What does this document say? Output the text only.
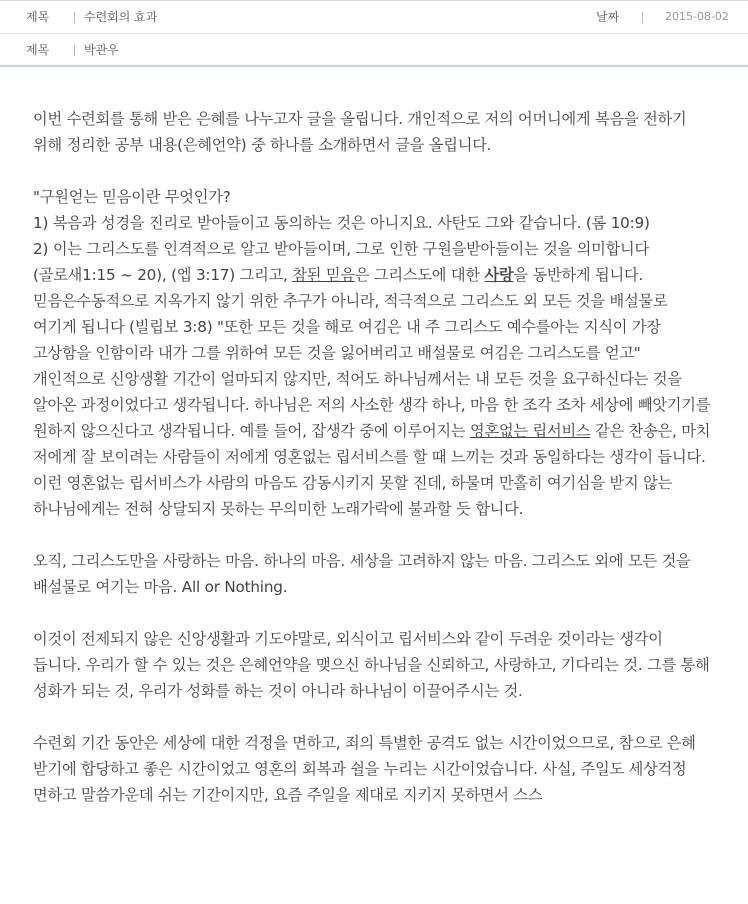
제목	수련회의 효과	날짜	2015-08-02
제목	박관우

이번 수련회를 통해 받은 은혜를 나누고자 글을 올립니다. 개인적으로 저의 어머니에게 복음을 전하기 위해 정리한 공부 내용(은혜언약) 중 하나를 소개하면서 글을 올립니다.

"구원얻는 믿음이란 무엇인가?

1) 복음과 성경을 진리로 받아들이고 동의하는 것은 아니지요. 사탄도 그와 같습니다. (롬 10:9)

2) 이는 그리스도를 인격적으로 알고 받아들이며, 그로 인한 구원을받아들이는 것을 의미합니다 (골로새1:15 ~ 20), (엡 3:17) 그리고, 참된 믿음은 그리스도에 대한 사랑을 동반하게 됩니다. 믿음은수동적으로 지옥가지 않기 위한 추구가 아니라, 적극적으로 그리스도 외 모든 것을 배설물로 여기게 됩니다 (빌립보 3:8) "또한 모든 것을 해로 여김은 내 주 그리스도 예수를아는 지식이 가장 고상함을 인함이라 내가 그를 위하여 모든 것을 잃어버리고 배설물로 여김은 그리스도를 얻고"

개인적으로 신앙생활 기간이 얼마되지 않지만, 적어도 하나님께서는 내 모든 것을 요구하신다는 것을 알아온 과정이었다고 생각됩니다. 하나님은 저의 사소한 생각 하나, 마음 한 조각 조차 세상에 빼앗기기를 원하지 않으신다고 생각됩니다. 예를 들어, 잡생각 중에 이루어지는 영혼없는 립서비스 같은 찬송은, 마치 저에게 잘 보이려는 사람들이 저에게 영혼없는 립서비스를 할 때 느끼는 것과 동일하다는 생각이 듭니다. 이런 영혼없는 립서비스가 사람의 마음도 감동시키지 못할 진데, 하물며 만홀히 여기심을 받지 않는 하나님에게는 전혀 상달되지 못하는 무의미한 노래가락에 불과할 듯 합니다.

오직, 그리스도만을 사랑하는 마음. 하나의 마음. 세상을 고려하지 않는 마음. 그리스도 외에 모든 것을 배설물로 여기는 마음. All or Nothing.

이것이 전제되지 않은 신앙생활과 기도야말로, 외식이고 립서비스와 같이 두려운 것이라는 생각이 듭니다. 우리가 할 수 있는 것은 은혜언약을 맺으신 하나님을 신뢰하고, 사랑하고, 기다리는 것. 그를 통해 성화가 되는 것, 우리가 성화를 하는 것이 아니라 하나님이 이끌어주시는 것.

수련회 기간 동안은 세상에 대한 걱정을 면하고, 죄의 특별한 공격도 없는 시간이었으므로, 참으로 은혜 받기에 합당하고 좋은 시간이었고 영혼의 회복과 쉴을 누리는 시간이었습니다. 사실, 주일도 세상걱정 면하고 말씀가운데 쉬는 기간이지만, 요즘 주일을 제대로 지키지 못하면서 스스
